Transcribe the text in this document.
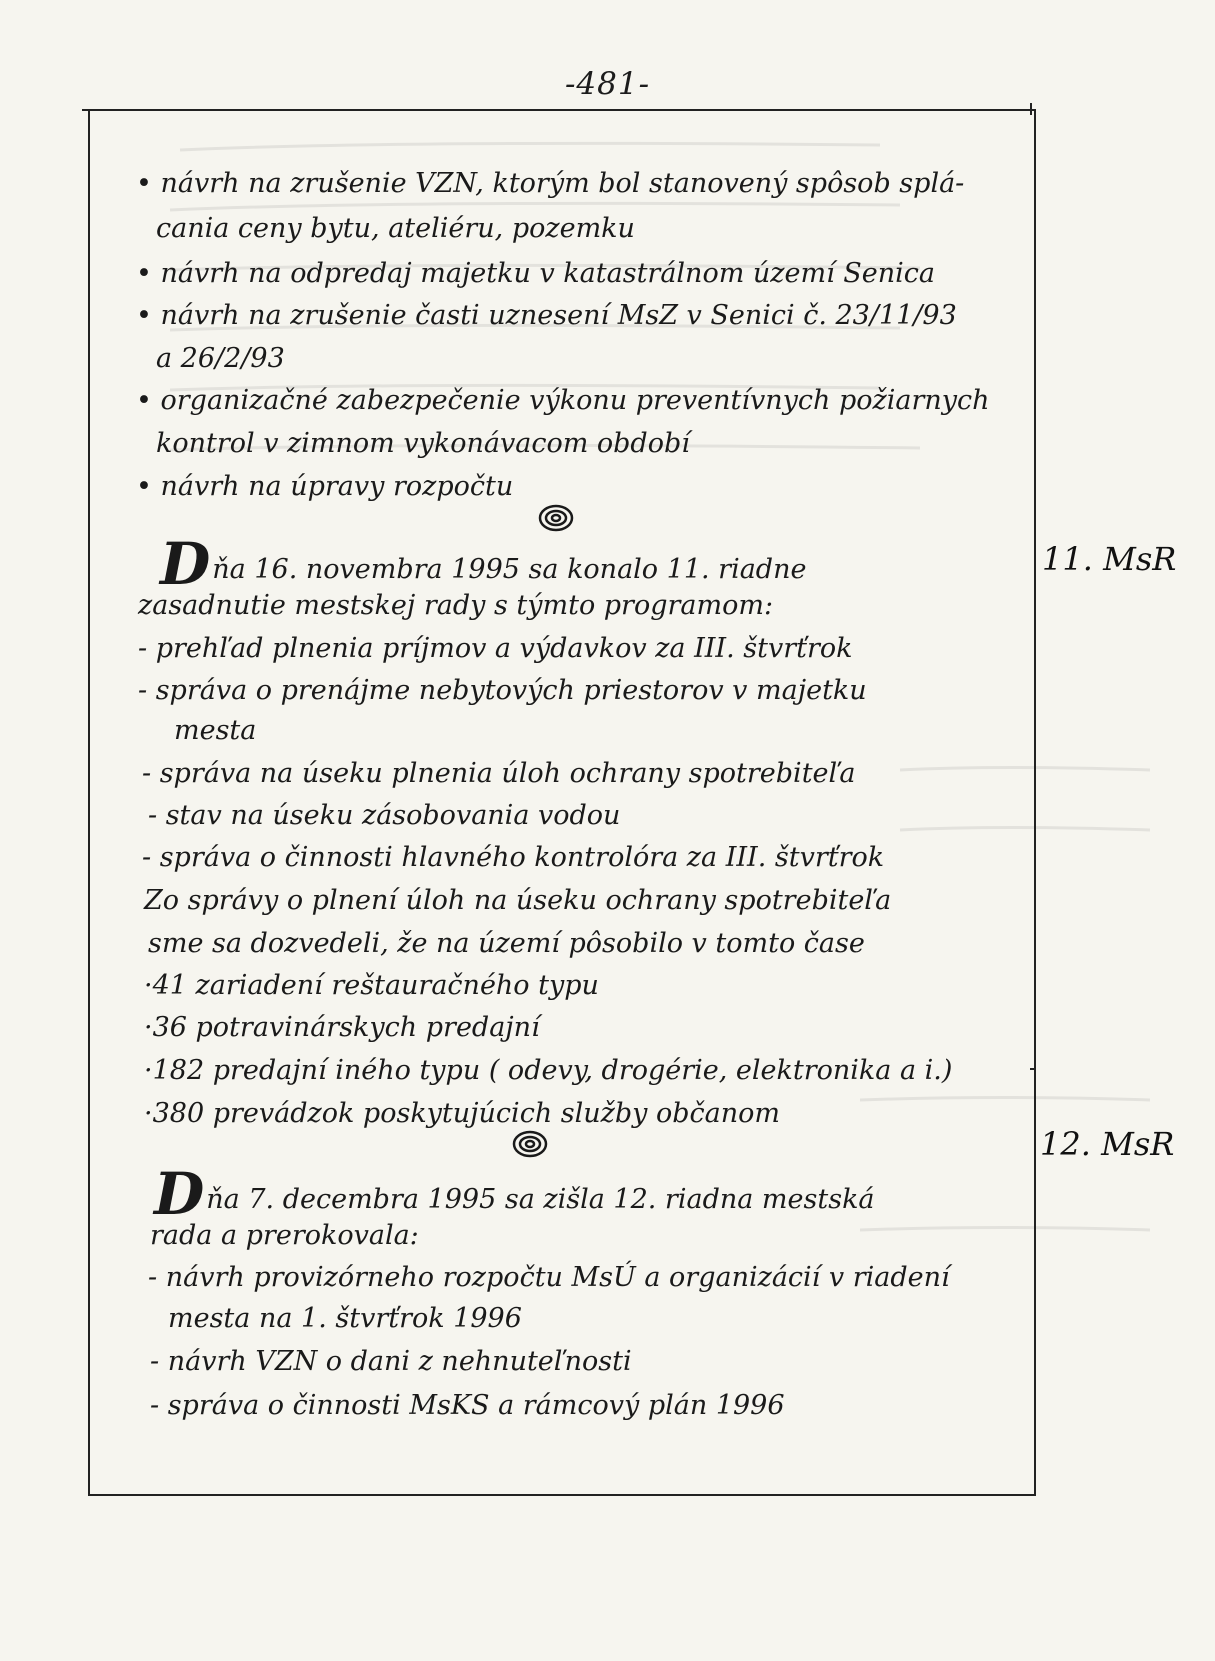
-481-
• návrh na zrušenie VZN, ktorým bol stanovený spôsob splá-
cania ceny bytu, ateliéru, pozemku
• návrh na odpredaj majetku v katastrálnom území Senica
• návrh na zrušenie časti uznesení MsZ v Senici č. 23/11/93
a 26/2/93
• organizačné zabezpečenie výkonu preventívnych požiarnych
kontrol v zimnom vykonávacom období
• návrh na úpravy rozpočtu
Dňa 16. novembra 1995 sa konalo 11. riadne	11. MsR
zasadnutie mestskej rady s týmto programom:
- prehľad plnenia príjmov a výdavkov za III. štvrťrok
- správa o prenájme nebytových priestorov v majetku
mesta
- správa na úseku plnenia úloh ochrany spotrebiteľa
- stav na úseku zásobovania vodou
- správa o činnosti hlavného kontrolóra za III. štvrťrok
Zo správy o plnení úloh na úseku ochrany spotrebiteľa
sme sa dozvedeli, že na území pôsobilo v tomto čase
·41 zariadení reštauračného typu
·36 potravinárskych predajní
·182 predajní iného typu ( odevy, drogérie, elektronika a i.)
·380 prevádzok poskytujúcich služby občanom
12. MsR
Dňa 7. decembra 1995 sa zišla 12. riadna mestská
rada a prerokovala:
- návrh provizórneho rozpočtu MsÚ a organizácií v riadení
mesta na 1. štvrťrok 1996
- návrh VZN o dani z nehnuteľnosti
- správa o činnosti MsKS a rámcový plán 1996
